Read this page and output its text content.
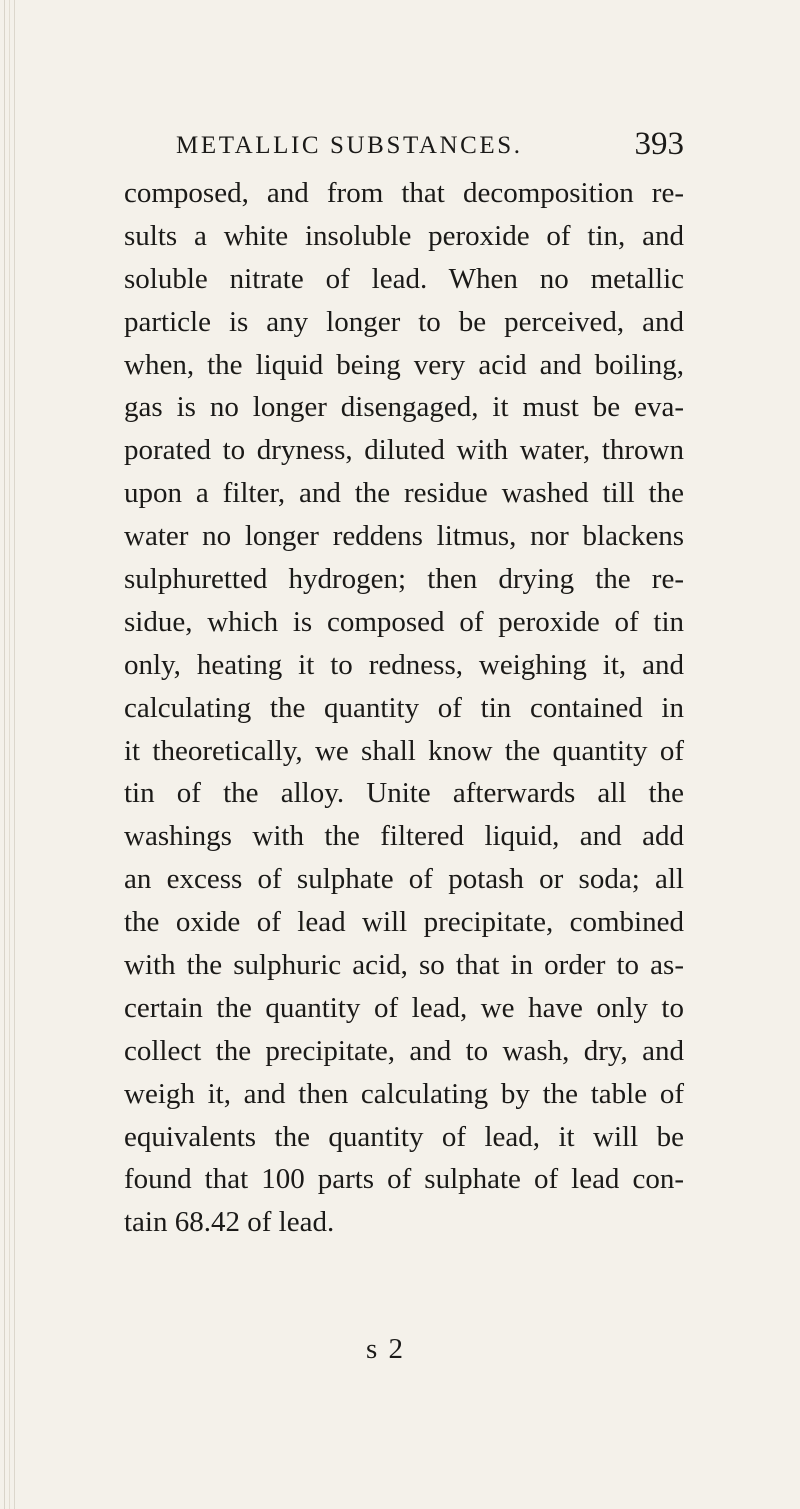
METALLIC SUBSTANCES.	393
composed, and from that decomposition re-
sults a white insoluble peroxide of tin, and
soluble nitrate of lead. When no metallic
particle is any longer to be perceived, and
when, the liquid being very acid and boiling,
gas is no longer disengaged, it must be eva-
porated to dryness, diluted with water, thrown
upon a filter, and the residue washed till the
water no longer reddens litmus, nor blackens
sulphuretted hydrogen; then drying the re-
sidue, which is composed of peroxide of tin
only, heating it to redness, weighing it, and
calculating the quantity of tin contained in
it theoretically, we shall know the quantity of
tin of the alloy. Unite afterwards all the
washings with the filtered liquid, and add
an excess of sulphate of potash or soda; all
the oxide of lead will precipitate, combined
with the sulphuric acid, so that in order to as-
certain the quantity of lead, we have only to
collect the precipitate, and to wash, dry, and
weigh it, and then calculating by the table of
equivalents the quantity of lead, it will be
found that 100 parts of sulphate of lead con-
tain 68.42 of lead.
s 2
